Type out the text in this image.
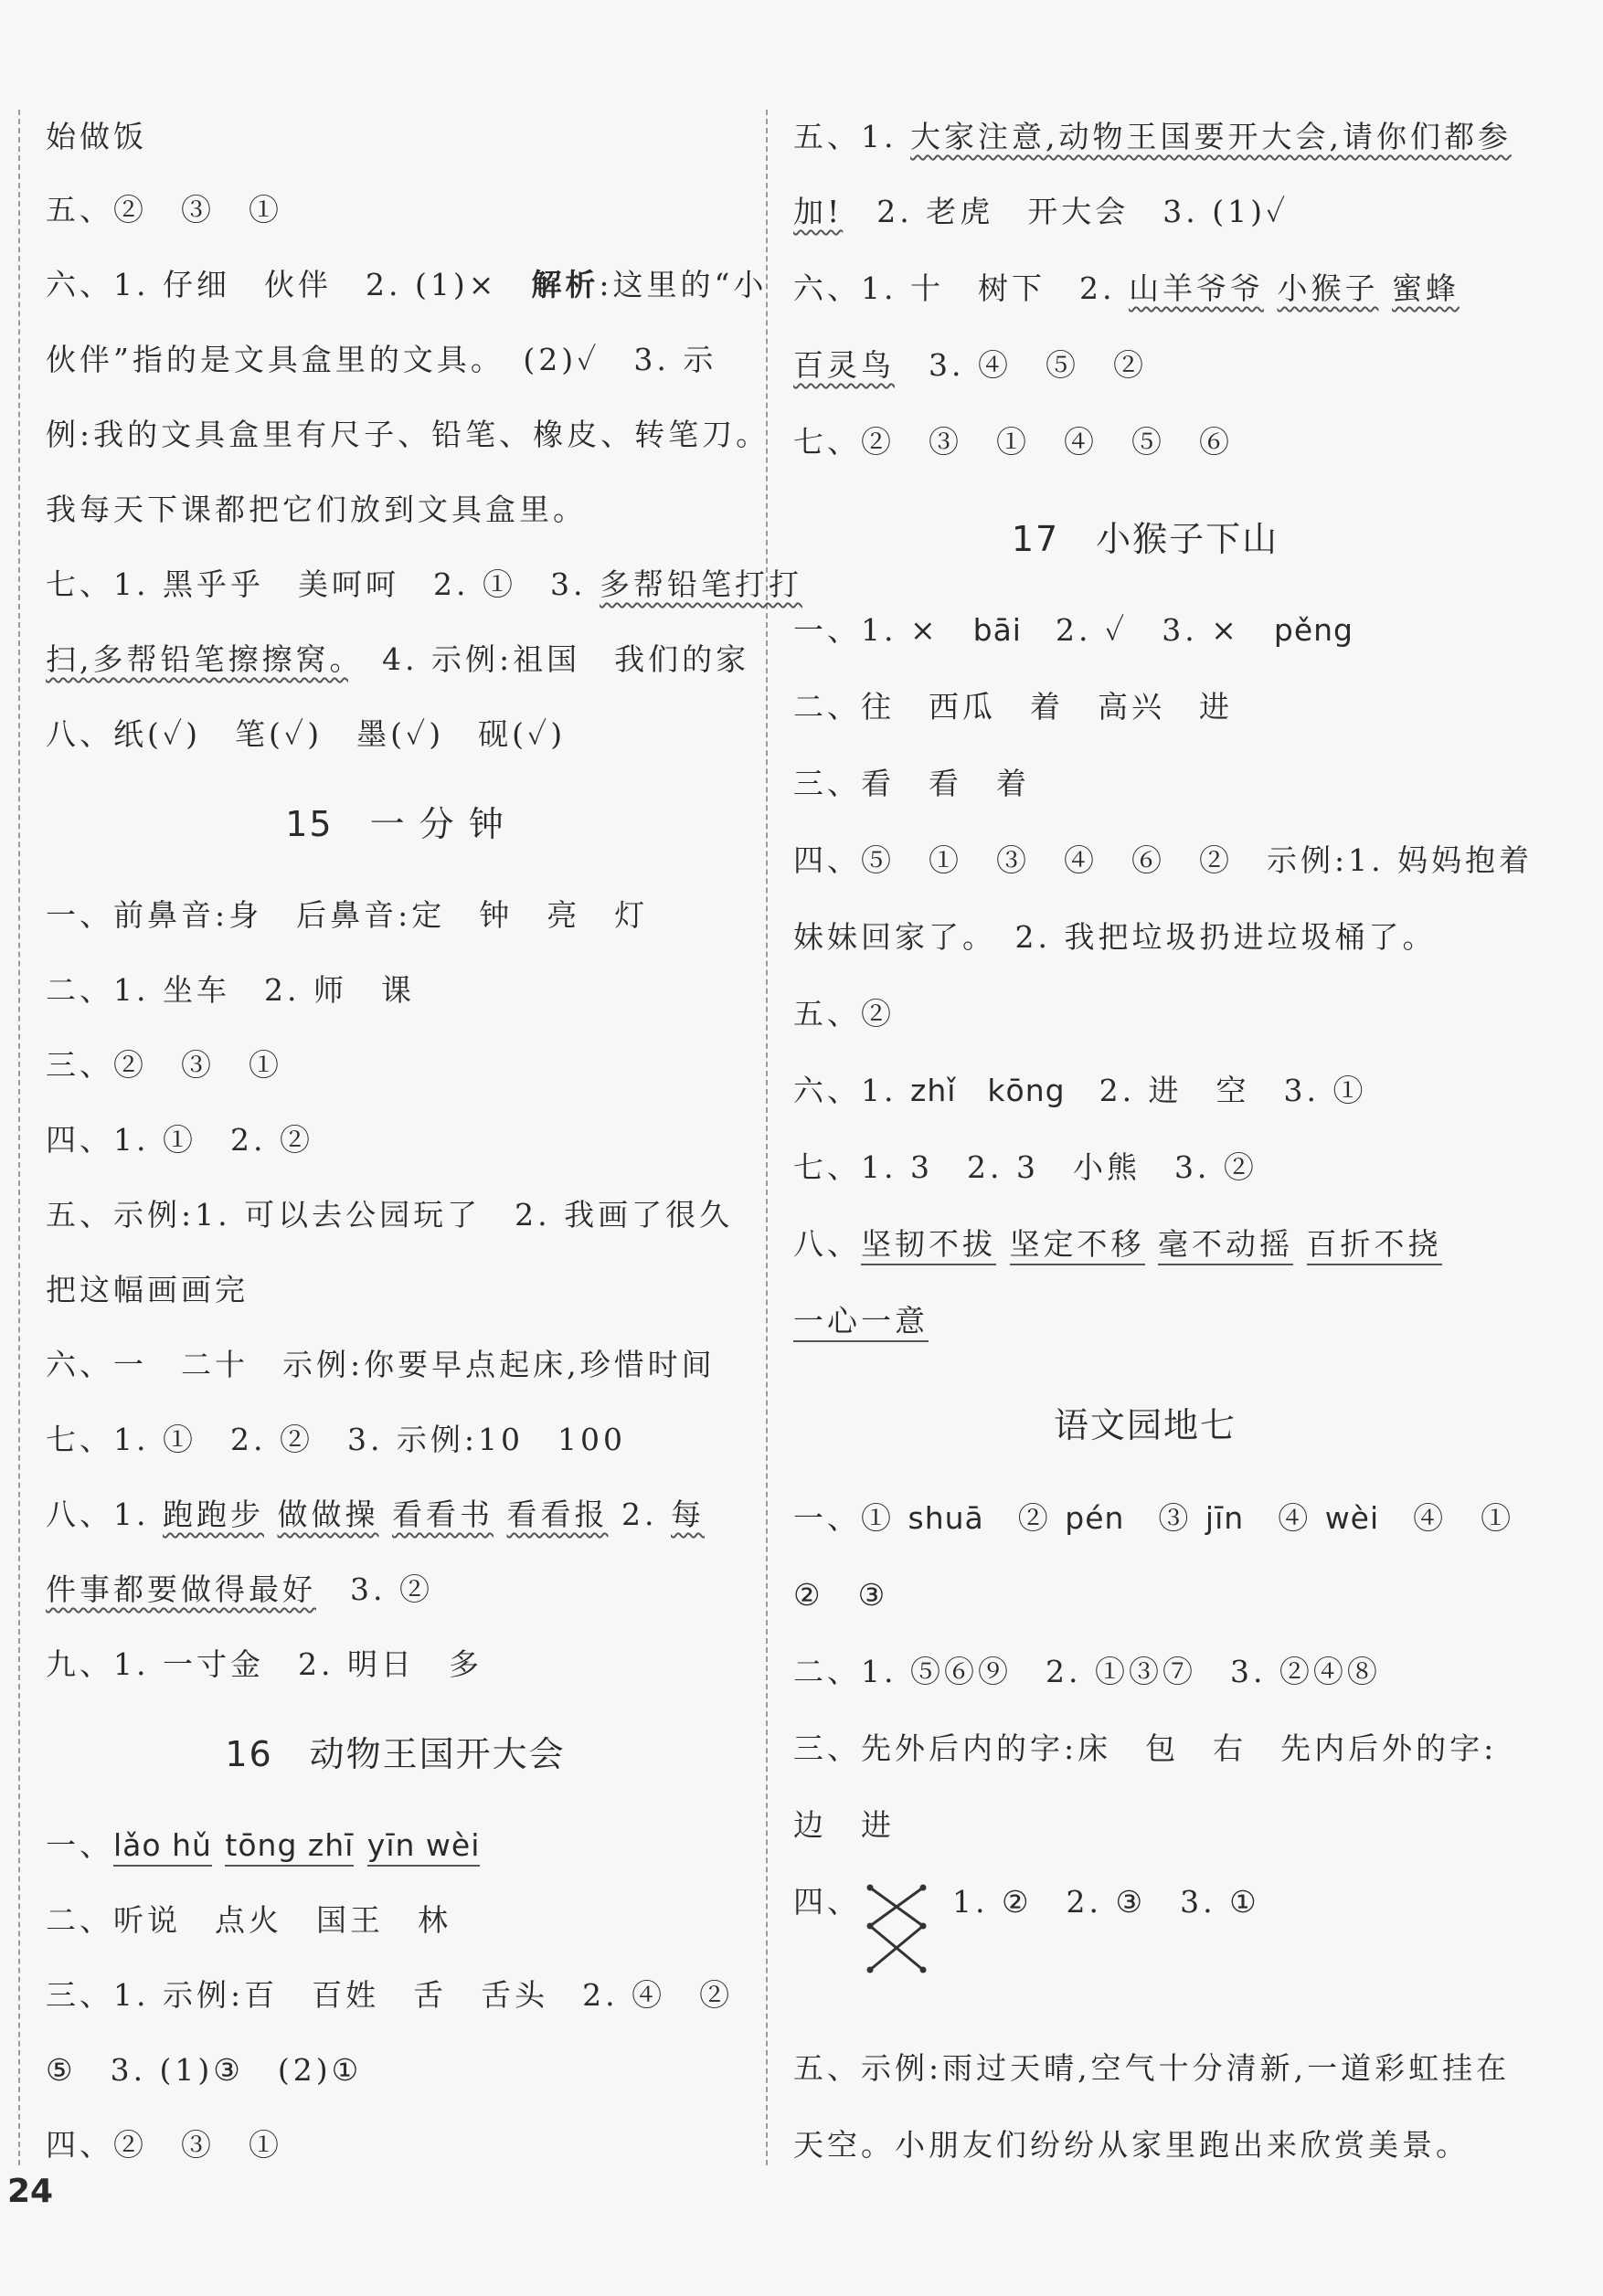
始做饭
五、②　③　①
六、1. 仔细　伙伴　2. (1)×　解析:这里的“小
伙伴”指的是文具盒里的文具。　(2)✓　3. 示
例:我的文具盒里有尺子、铅笔、橡皮、转笔刀。
我每天下课都把它们放到文具盒里。
七、1. 黑乎乎　美呵呵　2. ①　3. 多帮铅笔打打
扫,多帮铅笔擦擦窝。　4. 示例:祖国　我们的家
八、纸(✓)　笔(✓)　墨(✓)　砚(✓)
15　一 分 钟
一、前鼻音:身　后鼻音:定　钟　亮　灯
二、1. 坐车　2. 师　课
三、②　③　①
四、1. ①　2. ②
五、示例:1. 可以去公园玩了　2. 我画了很久
把这幅画画完
六、一　二十　示例:你要早点起床,珍惜时间
七、1. ①　2. ②　3. 示例:10　100
八、1. 跑跑步 做做操 看看书 看看报 2. 每
件事都要做得最好　3. ②
九、1. 一寸金　2. 明日　多
16　动物王国开大会
一、lǎo hǔ tōng zhī yīn wèi
二、听说　点火　国王　林
三、1. 示例:百　百姓　舌　舌头　2. ④　②
⑤　3. (1)③　(2)①
四、②　③　①
五、1. 大家注意,动物王国要开大会,请你们都参
加!　2. 老虎　开大会　3. (1)✓
六、1. 十　树下　2. 山羊爷爷 小猴子 蜜蜂
百灵鸟　3. ④　⑤　②
七、②　③　①　④　⑤　⑥
17　小猴子下山
一、1. ×　bāi　2. ✓　3. ×　pěng
二、往　西瓜　着　高兴　进
三、看　看　着
四、⑤　①　③　④　⑥　②　示例:1. 妈妈抱着
妹妹回家了。　2. 我把垃圾扔进垃圾桶了。
五、②
六、1. zhǐ　kōng　2. 进　空　3. ①
七、1. 3　2. 3　小熊　3. ②
八、坚韧不拔 坚定不移 毫不动摇 百折不挠
一心一意
语文园地七
一、① shuā　 ② pén　 ③ jīn　 ④ wèi　 ④　①
②　③
二、1. ⑤⑥⑨　2. ①③⑦　3. ②④⑧
三、先外后内的字:床　包　右　先内后外的字:
边　进
四、	1. ②　2. ③　3. ①
五、示例:雨过天晴,空气十分清新,一道彩虹挂在
天空。小朋友们纷纷从家里跑出来欣赏美景。
24
